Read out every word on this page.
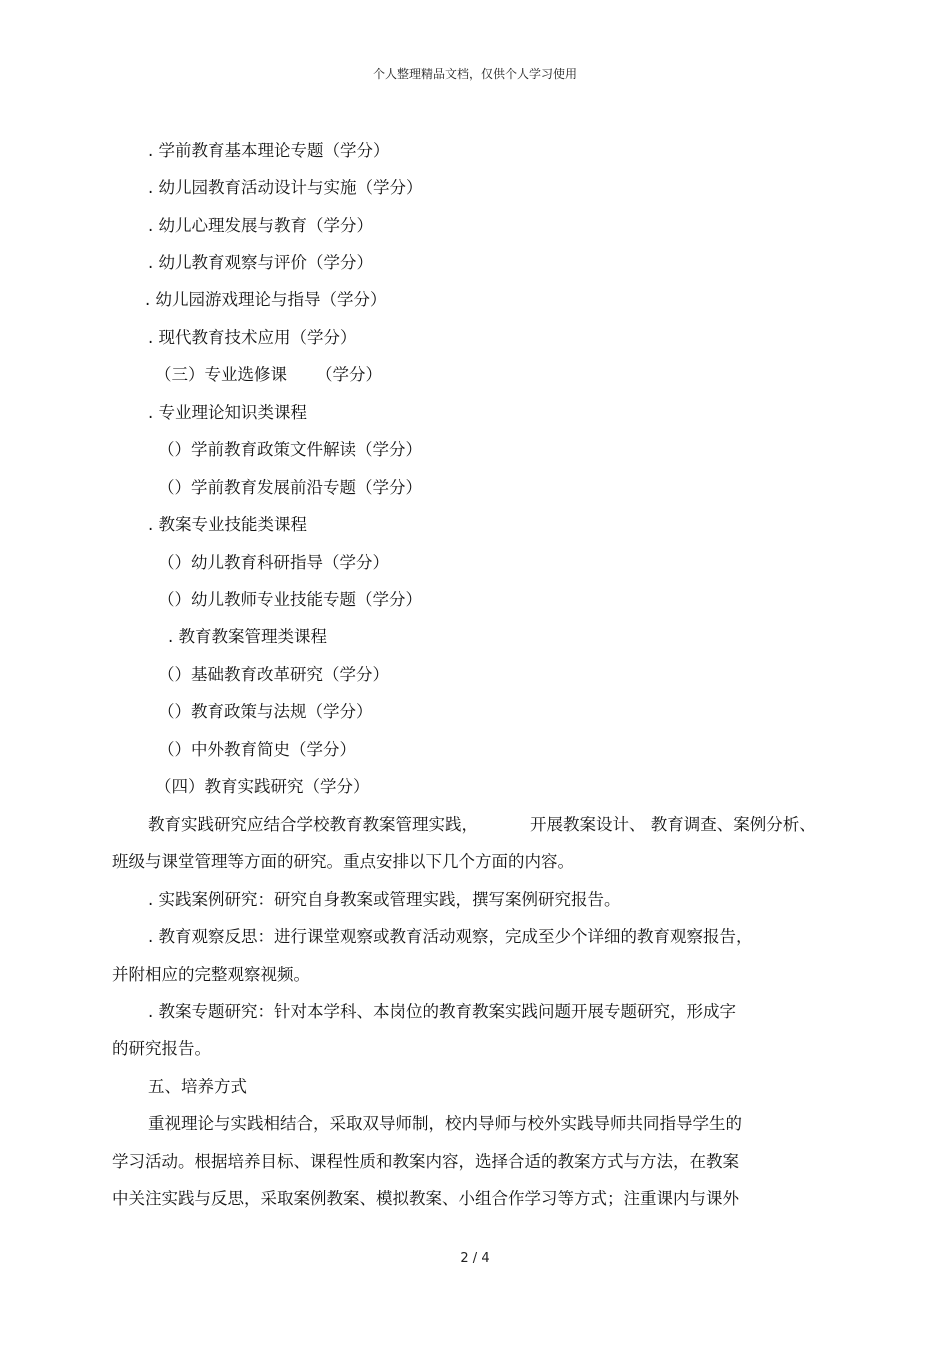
个人整理精品文档，仅供个人学习使用
. 学前教育基本理论专题（学分）
. 幼儿园教育活动设计与实施（学分）
. 幼儿心理发展与教育（学分）
. 幼儿教育观察与评价（学分）
. 幼儿园游戏理论与指导（学分）
. 现代教育技术应用（学分）
（三）专业选修课 （学分）
. 专业理论知识类课程
（）学前教育政策文件解读（学分）
（）学前教育发展前沿专题（学分）
. 教案专业技能类课程
（）幼儿教育科研指导（学分）
（）幼儿教师专业技能专题（学分）
. 教育教案管理类课程
（）基础教育改革研究（学分）
（）教育政策与法规（学分）
（）中外教育简史（学分）
（四）教育实践研究（学分）
教育实践研究应结合学校教育教案管理实践，	开展教案设计、 教育调查、案例分析、
班级与课堂管理等方面的研究。重点安排以下几个方面的内容。
. 实践案例研究：研究自身教案或管理实践，撰写案例研究报告。
. 教育观察反思：进行课堂观察或教育活动观察，完成至少个详细的教育观察报告，
并附相应的完整观察视频。
. 教案专题研究：针对本学科、本岗位的教育教案实践问题开展专题研究，形成字
的研究报告。
五、培养方式
重视理论与实践相结合，采取双导师制，校内导师与校外实践导师共同指导学生的
学习活动。根据培养目标、课程性质和教案内容，选择合适的教案方式与方法，在教案
中关注实践与反思，采取案例教案、模拟教案、小组合作学习等方式；注重课内与课外
2 / 4
